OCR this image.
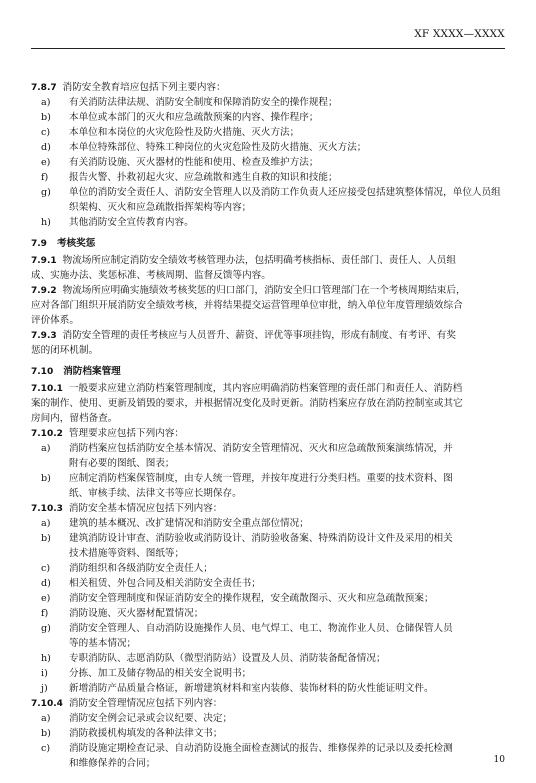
XF XXXX—XXXX
7.8.7 消防安全教育培应包括下列主要内容：
a)	有关消防法律法规、消防安全制度和保障消防安全的操作规程；
b)	本单位或本部门的灭火和应急疏散预案的内容、操作程序；
c)	本单位和本岗位的火灾危险性及防火措施、灭火方法；
d)	本单位特殊部位、特殊工种岗位的火灾危险性及防火措施、灭火方法；
e)	有关消防设施、灭火器材的性能和使用、检查及维护方法；
f)	报告火警、扑救初起火灾、应急疏散和逃生自救的知识和技能；
g)	单位的消防安全责任人、消防安全管理人以及消防工作负责人还应接受包括建筑整体情况，单位人员组织架构、灭火和应急疏散指挥架构等内容；
h)	其他消防安全宣传教育内容。
7.9 考核奖惩
7.9.1 物流场所应制定消防安全绩效考核管理办法，包括明确考核指标、责任部门、责任人、人员组
成、实施办法、奖惩标准、考核周期、监督反馈等内容。
7.9.2 物流场所应明确实施绩效考核奖惩的归口部门，消防安全归口管理部门在一个考核周期结束后，
应对各部门组织开展消防安全绩效考核，并将结果提交运营管理单位审批，纳入单位年度管理绩效综合
评价体系。
7.9.3 消防安全管理的责任考核应与人员晋升、薪资、评优等事项挂钩，形成有制度、有考评、有奖
惩的闭环机制。
7.10 消防档案管理
7.10.1 一般要求应建立消防档案管理制度，其内容应明确消防档案管理的责任部门和责任人、消防档
案的制作、使用、更新及销毁的要求，并根据情况变化及时更新。消防档案应存放在消防控制室或其它
房间内，留档备查。
7.10.2 管理要求应包括下列内容：
a)	消防档案应包括消防安全基本情况、消防安全管理情况、灭火和应急疏散预案演练情况，并
附有必要的图纸、图表；
b)	应制定消防档案保管制度，由专人统一管理，并按年度进行分类归档。重要的技术资料、图
纸、审核手续、法律文书等应长期保存。
7.10.3 消防安全基本情况应包括下列内容：
a)	建筑的基本概况、改扩建情况和消防安全重点部位情况；
b)	建筑消防设计审查、消防验收或消防设计、消防验收备案、特殊消防设计文件及采用的相关
技术措施等资料、图纸等；
c)	消防组织和各级消防安全责任人；
d)	相关租赁、外包合同及相关消防安全责任书；
e)	消防安全管理制度和保证消防安全的操作规程，安全疏散图示、灭火和应急疏散预案；
f)	消防设施、灭火器材配置情况；
g)	消防安全管理人、自动消防设施操作人员、电气焊工、电工、物流作业人员、仓储保管人员
等的基本情况；
h)	专职消防队、志愿消防队（微型消防站）设置及人员、消防装备配备情况；
i)	分拣、加工及储存物品的相关安全说明书；
j)	新增消防产品质量合格证，新增建筑材料和室内装修、装饰材料的防火性能证明文件。
7.10.4 消防安全管理情况应包括下列内容：
a)	消防安全例会记录或会议纪要、决定；
b)	消防救援机构填发的各种法律文书；
c)	消防设施定期检查记录、自动消防设施全面检查测试的报告、维修保养的记录以及委托检测
和维修保养的合同；	10
